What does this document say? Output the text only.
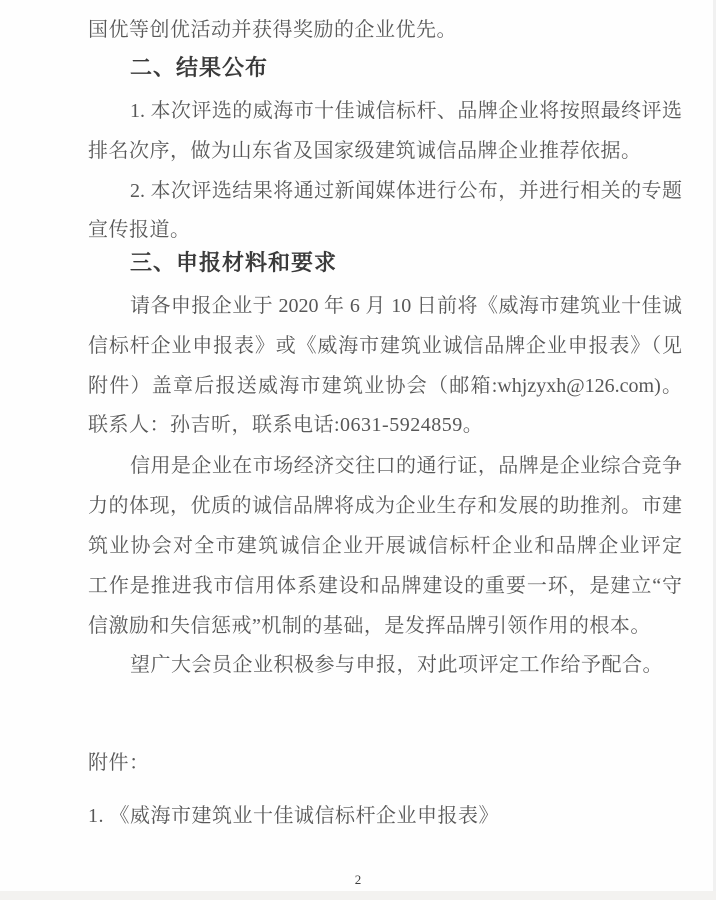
国优等创优活动并获得奖励的企业优先。
二、结果公布
1. 本次评选的威海市十佳诚信标杆、品牌企业将按照最终评选
排名次序，做为山东省及国家级建筑诚信品牌企业推荐依据。
2. 本次评选结果将通过新闻媒体进行公布，并进行相关的专题
宣传报道。
三、申报材料和要求
请各申报企业于 2020 年 6 月 10 日前将《威海市建筑业十佳诚
信标杆企业申报表》或《威海市建筑业诚信品牌企业申报表》（见
附件）盖章后报送威海市建筑业协会（邮箱:whjzyxh@126.com)。
联系人：孙吉昕，联系电话:0631-5924859。
信用是企业在市场经济交往口的通行证，品牌是企业综合竞争
力的体现，优质的诚信品牌将成为企业生存和发展的助推剂。市建
筑业协会对全市建筑诚信企业开展诚信标杆企业和品牌企业评定
工作是推进我市信用体系建设和品牌建设的重要一环，是建立“守
信激励和失信惩戒”机制的基础，是发挥品牌引领作用的根本。
望广大会员企业积极参与申报，对此项评定工作给予配合。
附件：
1. 《威海市建筑业十佳诚信标杆企业申报表》
2
